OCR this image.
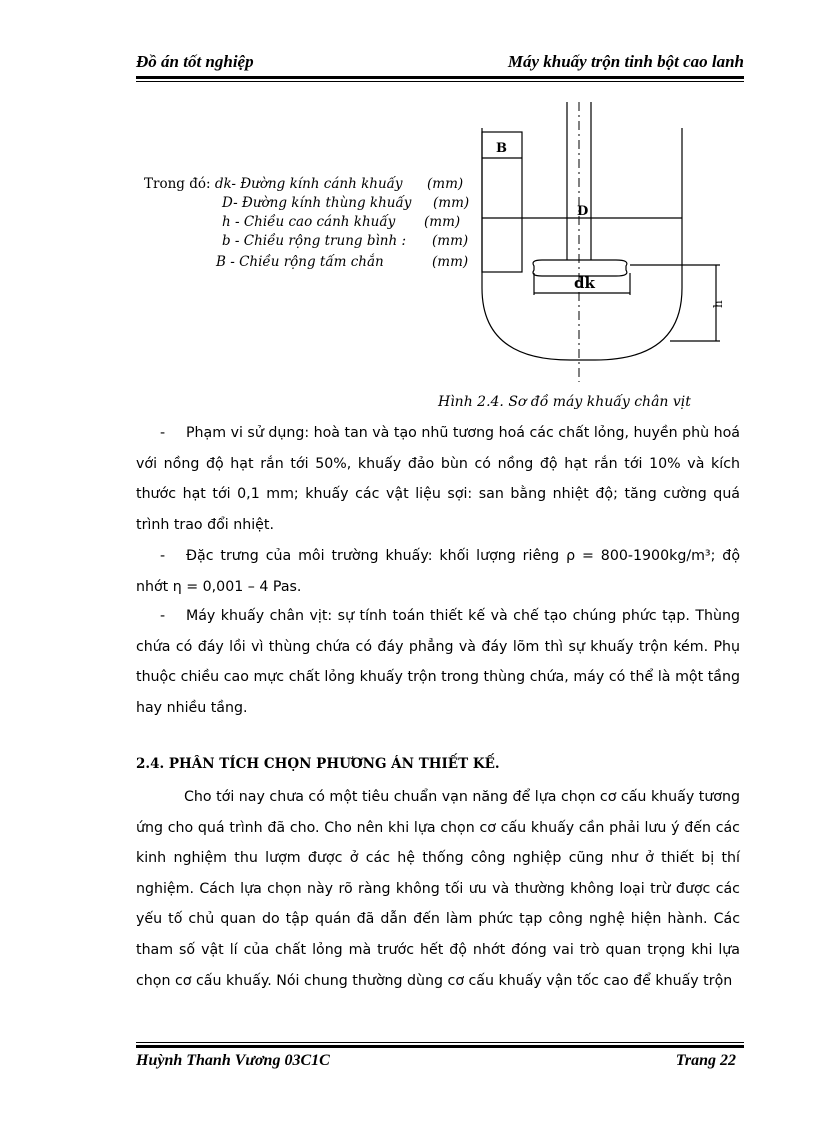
Đồ án tốt nghiệp	Máy khuấy trộn tinh bột cao lanh
Trong đó: dk- Đường kính cánh khuấy (mm)
D- Đường kính thùng khuấy (mm)
h - Chiều cao cánh khuấy (mm)
b - Chiều rộng trung bình : (mm)
B - Chiều rộng tấm chắn	(mm)
B
D
dk
h
Hình 2.4. Sơ đồ máy khuấy chân vịt
- Phạm vi sử dụng: hoà tan và tạo nhũ tương hoá các chất lỏng, huyền phù hoá với nồng độ hạt rắn tới 50%, khuấy đảo bùn có nồng độ hạt rắn tới 10% và kích thước hạt tới 0,1 mm; khuấy các vật liệu sợi: san bằng nhiệt độ; tăng cường quá trình trao đổi nhiệt.
- Đặc trưng của môi trường khuấy: khối lượng riêng ρ = 800-1900kg/m³; độ nhớt η = 0,001 – 4 Pas.
- Máy khuấy chân vịt: sự tính toán thiết kế và chế tạo chúng phức tạp. Thùng chứa có đáy lồi vì thùng chứa có đáy phẳng và đáy lõm thì sự khuấy trộn kém. Phụ thuộc chiều cao mực chất lỏng khuấy trộn trong thùng chứa, máy có thể là một tầng hay nhiều tầng.
2.4. PHÂN TÍCH CHỌN PHƯƠNG ÁN THIẾT KẾ.
Cho tới nay chưa có một tiêu chuẩn vạn năng để lựa chọn cơ cấu khuấy tương ứng cho quá trình đã cho. Cho nên khi lựa chọn cơ cấu khuấy cần phải lưu ý đến các kinh nghiệm thu lượm được ở các hệ thống công nghiệp cũng như ở thiết bị thí nghiệm. Cách lựa chọn này rõ ràng không tối ưu và thường không loại trừ được các yếu tố chủ quan do tập quán đã dẫn đến làm phức tạp công nghệ hiện hành. Các tham số vật lí của chất lỏng mà trước hết độ nhớt đóng vai trò quan trọng khi lựa chọn cơ cấu khuấy. Nói chung thường dùng cơ cấu khuấy vận tốc cao để khuấy trộn
Huỳnh Thanh Vương 03C1C	Trang 22
